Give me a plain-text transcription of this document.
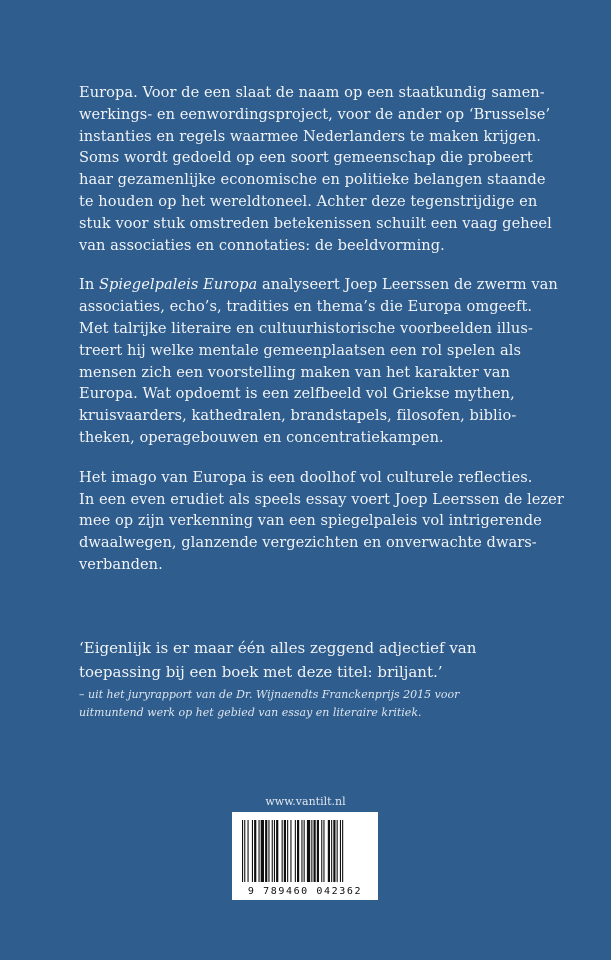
Europa. Voor de een slaat de naam op een staatkundig samen-
werkings- en eenwordingsproject, voor de ander op ‘Brusselse’
instanties en regels waarmee Nederlanders te maken krijgen.
Soms wordt gedoeld op een soort gemeenschap die probeert
haar gezamenlijke economische en politieke belangen staande
te houden op het wereldtoneel. Achter deze tegenstrijdige en
stuk voor stuk omstreden betekenissen schuilt een vaag geheel
van associaties en connotaties: de beeldvorming.

In Spiegelpaleis Europa analyseert Joep Leerssen de zwerm van
associaties, echo’s, tradities en thema’s die Europa omgeeft.
Met talrijke literaire en cultuurhistorische voorbeelden illus-
treert hij welke mentale gemeenplaatsen een rol spelen als
mensen zich een voorstelling maken van het karakter van
Europa. Wat opdoemt is een zelfbeeld vol Griekse mythen,
kruisvaarders, kathedralen, brandstapels, filosofen, biblio-
theken, operagebouwen en concentratiekampen.

Het imago van Europa is een doolhof vol culturele reflecties.
In een even erudiet als speels essay voert Joep Leerssen de lezer
mee op zijn verkenning van een spiegelpaleis vol intrigerende
dwaalwegen, glanzende vergezichten en onverwachte dwars-
verbanden.

‘Eigenlijk is er maar één alles zeggend adjectief van
toepassing bij een boek met deze titel: briljant.’
– uit het juryrapport van de Dr. Wijnaendts Franckenprijs 2015 voor
uitmuntend werk op het gebied van essay en literaire kritiek.
www.vantilt.nl
9 789460 042362
